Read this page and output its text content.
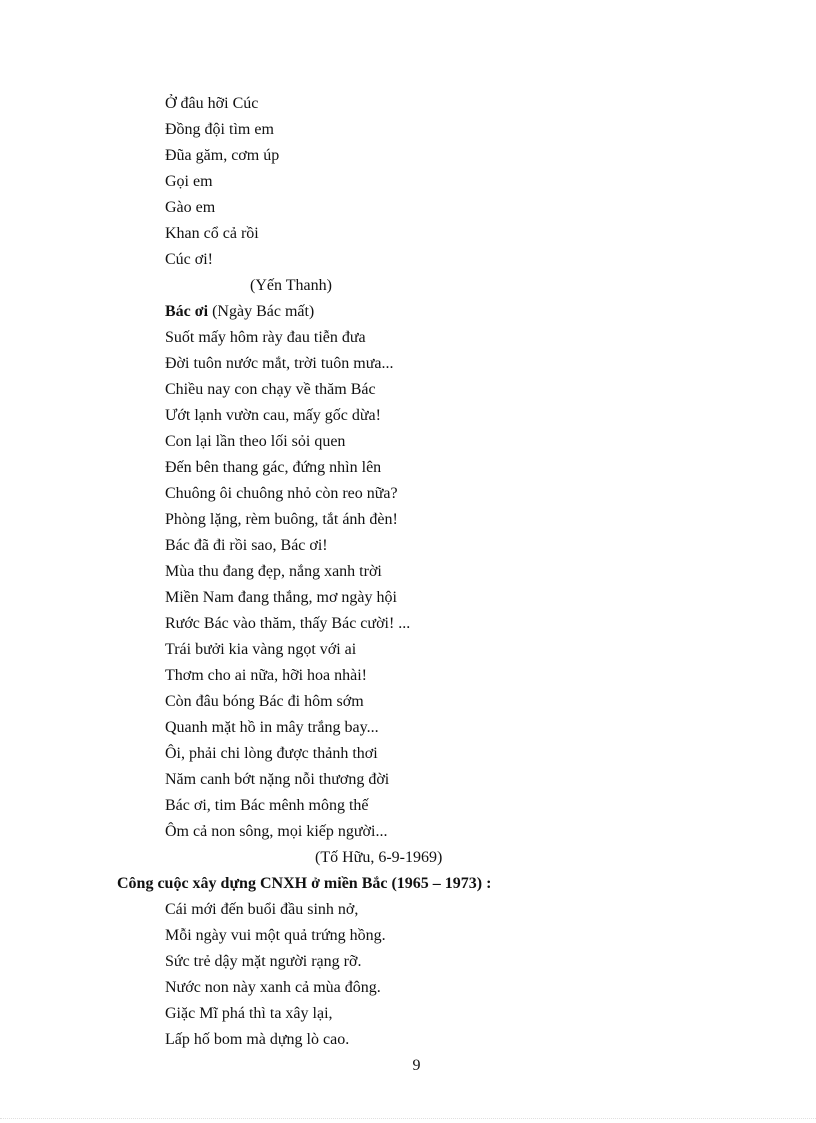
Ở đâu hỡi Cúc
Đồng đội tìm em
Đũa găm, cơm úp
Gọi em
Gào em
Khan cổ cả rồi
Cúc ơi!
(Yến Thanh)
Bác ơi (Ngày Bác mất)
Suốt mấy hôm rày đau tiễn đưa
Đời tuôn nước mắt, trời tuôn mưa...
Chiều nay con chạy về thăm Bác
Ướt lạnh vườn cau, mấy gốc dừa!
Con lại lần theo lối sỏi quen
Đến bên thang gác, đứng nhìn lên
Chuông ôi chuông nhỏ còn reo nữa?
Phòng lặng, rèm buông, tắt ánh đèn!
Bác đã đi rồi sao, Bác ơi!
Mùa thu đang đẹp, nắng xanh trời
Miền Nam đang thắng, mơ ngày hội
Rước Bác vào thăm, thấy Bác cười! ...
Trái bưởi kia vàng ngọt với ai
Thơm cho ai nữa, hỡi hoa nhài!
Còn đâu bóng Bác đi hôm sớm
Quanh mặt hồ in mây trắng bay...
Ôi, phải chi lòng được thảnh thơi
Năm canh bớt nặng nỗi thương đời
Bác ơi, tim Bác mênh mông thế
Ôm cả non sông, mọi kiếp người...
(Tố Hữu, 6-9-1969)
Công cuộc xây dựng CNXH ở miền Bắc (1965 – 1973) :
Cái mới đến buổi đầu sinh nở,
Mỗi ngày vui một quả trứng hồng.
Sức trẻ dậy mặt người rạng rỡ.
Nước non này xanh cả mùa đông.
Giặc Mĩ phá thì ta xây lại,
Lấp hố bom mà dựng lò cao.
9
